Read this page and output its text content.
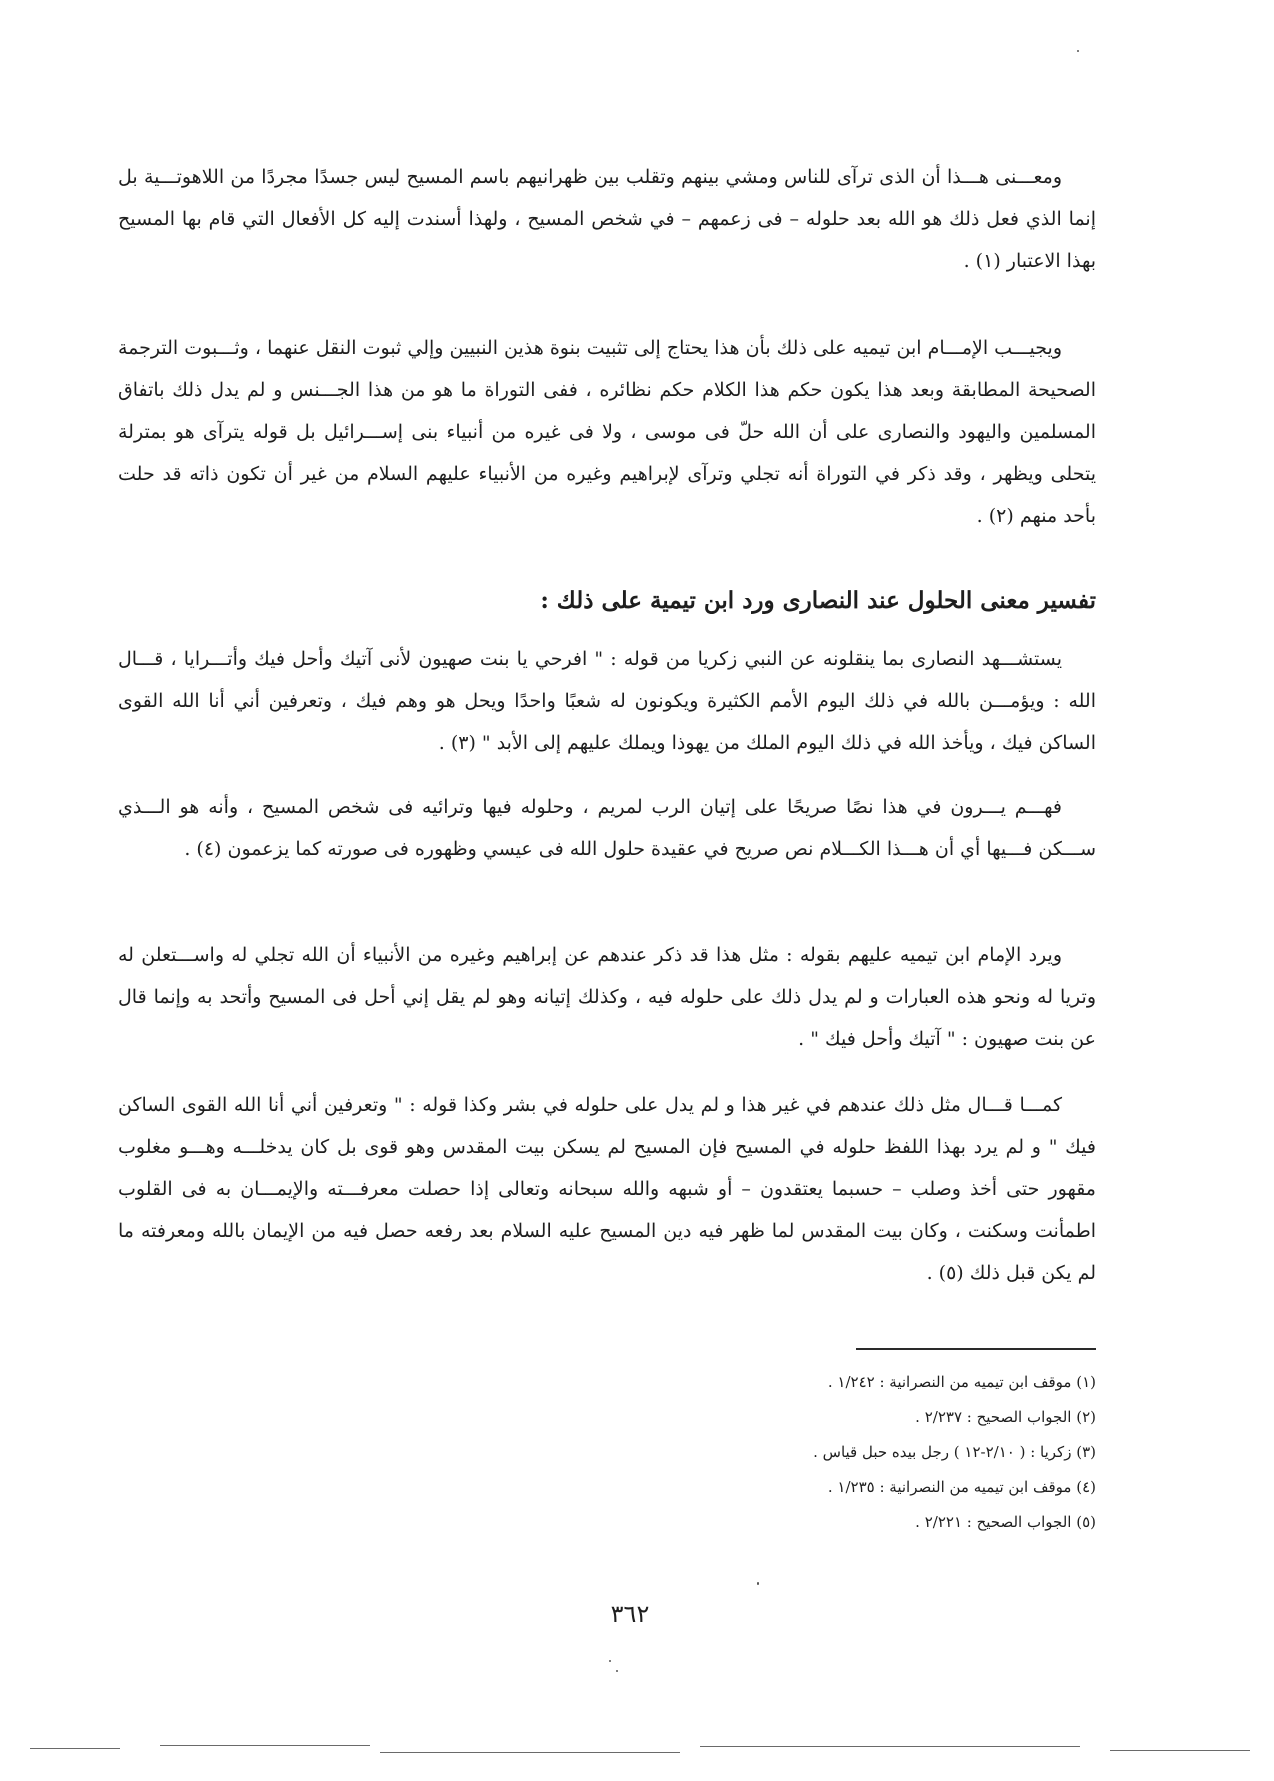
ومعـــنى هـــذا أن الذى ترآى للناس ومشي بينهم وتقلب بين ظهرانيهم باسم المسيح ليس جسدًا مجردًا من اللاهوتـــية بل إنما الذي فعل ذلك هو الله بعد حلوله – فى زعمهم – في شخص المسيح ، ولهذا أسندت إليه كل الأفعال التي قام بها المسيح بهذا الاعتبار (١) .

ويجيـــب الإمـــام ابن تيميه على ذلك بأن هذا يحتاج إلى تثبيت بنوة هذين النبيين وإلي ثبوت النقل عنهما ، وثـــبوت الترجمة الصحيحة المطابقة وبعد هذا يكون حكم هذا الكلام حكم نظائره ، ففى التوراة ما هو من هذا الجـــنس و لم يدل ذلك باتفاق المسلمين واليهود والنصارى على أن الله حلّ فى موسى ، ولا فى غيره من أنبياء بنى إســـرائيل بل قوله يترآى هو بمترلة يتحلى ويظهر ، وقد ذكر في التوراة أنه تجلي وترآى لإبراهيم وغيره من الأنبياء عليهم السلام من غير أن تكون ذاته قد حلت بأحد منهم (٢) .

تفسير معنى الحلول عند النصارى ورد ابن تيمية على ذلك :

يستشـــهد النصارى بما ينقلونه عن النبي زكريا من قوله : " افرحي يا بنت صهيون لأنى آتيك وأحل فيك وأتـــرايا ، قـــال الله : ويؤمـــن بالله في ذلك اليوم الأمم الكثيرة ويكونون له شعبًا واحدًا ويحل هو وهم فيك ، وتعرفين أني أنا الله القوى الساكن فيك ، ويأخذ الله في ذلك اليوم الملك من يهوذا ويملك عليهم إلى الأبد " (٣) .

فهـــم يـــرون في هذا نصًا صريحًا على إتيان الرب لمريم ، وحلوله فيها وترائيه فى شخص المسيح ، وأنه هو الـــذي ســـكن فـــيها أي أن هـــذا الكـــلام نص صريح في عقيدة حلول الله فى عيسي وظهوره فى صورته كما يزعمون (٤) .

ويرد الإمام ابن تيميه عليهم بقوله : مثل هذا قد ذكر عندهم عن إبراهيم وغيره من الأنبياء أن الله تجلي له واســـتعلن له وتريا له ونحو هذه العبارات و لم يدل ذلك على حلوله فيه ، وكذلك إتيانه وهو لم يقل إني أحل فى المسيح وأتحد به وإنما قال عن بنت صهيون : " آتيك وأحل فيك " .

كمـــا قـــال مثل ذلك عندهم في غير هذا و لم يدل على حلوله في بشر وكذا قوله : " وتعرفين أني أنا الله القوى الساكن فيك " و لم يرد بهذا اللفظ حلوله في المسيح فإن المسيح لم يسكن بيت المقدس وهو قوى بل كان يدخلـــه وهـــو مغلوب مقهور حتى أخذ وصلب – حسبما يعتقدون – أو شبهه والله سبحانه وتعالى إذا حصلت معرفـــته والإيمـــان به فى القلوب اطمأنت وسكنت ، وكان بيت المقدس لما ظهر فيه دين المسيح عليه السلام بعد رفعه حصل فيه من الإيمان بالله ومعرفته ما لم يكن قبل ذلك (٥) .

(١) موقف ابن تيميه من النصرانية : ١/٢٤٢ .
(٢) الجواب الصحيح : ٢/٢٣٧ .
(٣) زكريا : ( ٢/١٠-١٢ ) رجل بيده حبل قياس .
(٤) موقف ابن تيميه من النصرانية : ١/٢٣٥ .
(٥) الجواب الصحيح : ٢/٢٢١ .
٣٦٢
